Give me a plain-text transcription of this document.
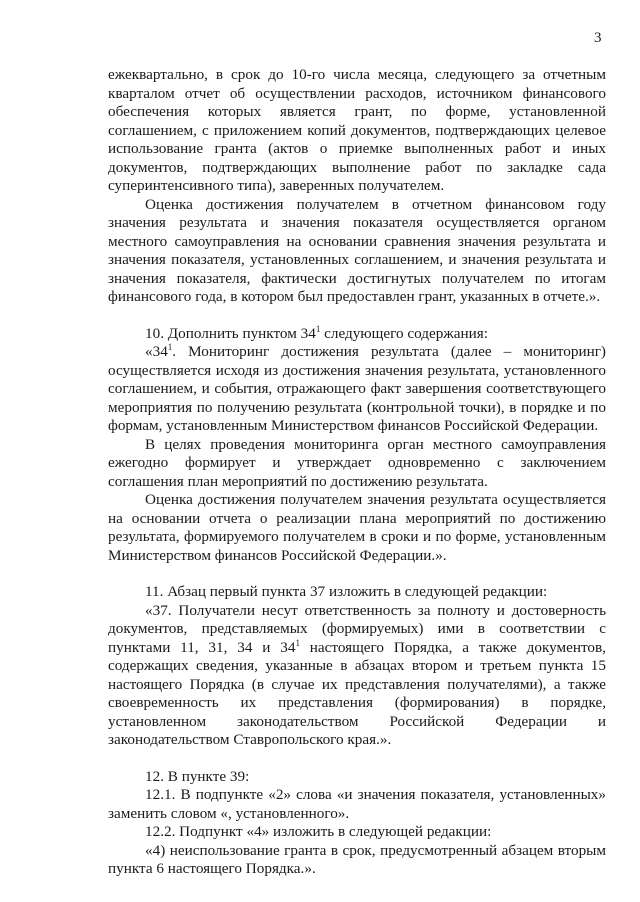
3

ежеквартально, в срок до 10-го числа месяца, следующего за отчетным кварталом отчет об осуществлении расходов, источником финансового обеспечения которых является грант, по форме, установленной соглашением, с приложением копий документов, подтверждающих целевое использование гранта (актов о приемке выполненных работ и иных документов, подтверждающих выполнение работ по закладке сада суперинтенсивного типа), заверенных получателем.

Оценка достижения получателем в отчетном финансовом году значения результата и значения показателя осуществляется органом местного самоуправления на основании сравнения значения результата и значения показателя, установленных соглашением, и значения результата и значения показателя, фактически достигнутых получателем по итогам финансового года, в котором был предоставлен грант, указанных в отчете.».

10. Дополнить пунктом $34^1$ следующего содержания:

«$34^1$. Мониторинг достижения результата (далее – мониторинг) осуществляется исходя из достижения значения результата, установленного соглашением, и события, отражающего факт завершения соответствующего мероприятия по получению результата (контрольной точки), в порядке и по формам, установленным Министерством финансов Российской Федерации.

В целях проведения мониторинга орган местного самоуправления ежегодно формирует и утверждает одновременно с заключением соглашения план мероприятий по достижению результата.

Оценка достижения получателем значения результата осуществляется на основании отчета о реализации плана мероприятий по достижению результата, формируемого получателем в сроки и по форме, установленным Министерством финансов Российской Федерации.».

11. Абзац первый пункта 37 изложить в следующей редакции:

«37. Получатели несут ответственность за полноту и достоверность документов, представляемых (формируемых) ими в соответствии с пунктами 11, 31, 34 и $34^1$ настоящего Порядка, а также документов, содержащих сведения, указанные в абзацах втором и третьем пункта 15 настоящего Порядка (в случае их представления получателями), а также своевременность их представления (формирования) в порядке, установленном законодательством Российской Федерации и законодательством Ставропольского края.».

12. В пункте 39:

12.1. В подпункте «2» слова «и значения показателя, установленных» заменить словом «, установленного».

12.2. Подпункт «4» изложить в следующей редакции:

«4) неиспользование гранта в срок, предусмотренный абзацем вторым пункта 6 настоящего Порядка.».
